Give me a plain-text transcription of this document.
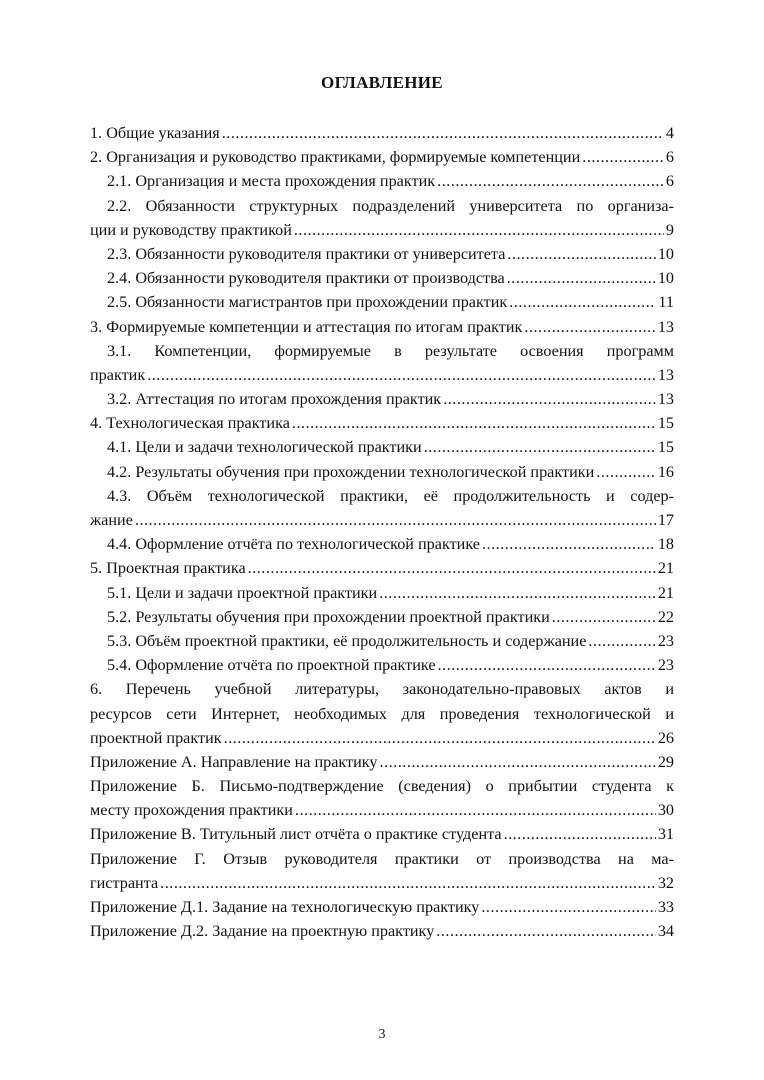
ОГЛАВЛЕНИЕ
1. Общие указания .....	4
2. Организация и руководство практиками, формируемые компетенции .....	6
2.1. Организация и места прохождения практик .....	6
2.2. Обязанности структурных подразделений университета по организа-
ции и руководству практикой .....	9
2.3. Обязанности руководителя практики от университета .....	10
2.4. Обязанности руководителя практики от производства .....	10
2.5. Обязанности магистрантов при прохождении практик .....	11
3. Формируемые компетенции и аттестация по итогам практик .....	13
3.1. Компетенции, формируемые в результате освоения программ
практик .....	13
3.2. Аттестация по итогам прохождения практик .....	13
4. Технологическая практика .....	15
4.1. Цели и задачи технологической практики .....	15
4.2. Результаты обучения при прохождении технологической практики .....	16
4.3. Объём технологической практики, её продолжительность и содер-
жание .....	17
4.4. Оформление отчёта по технологической практике .....	18
5. Проектная практика .....	21
5.1. Цели и задачи проектной практики .....	21
5.2. Результаты обучения при прохождении проектной практики .....	22
5.3. Объём проектной практики, её продолжительность и содержание .....	23
5.4. Оформление отчёта по проектной практике .....	23
6. Перечень учебной литературы, законодательно-правовых актов и
ресурсов сети Интернет, необходимых для проведения технологической и
проектной практик .....	26
Приложение А. Направление на практику .....	29
Приложение Б. Письмо-подтверждение (сведения) о прибытии студента к
месту прохождения практики .....	30
Приложение В. Титульный лист отчёта о практике студента .....	31
Приложение Г. Отзыв руководителя практики от производства на ма-
гистранта .....	32
Приложение Д.1. Задание на технологическую практику .....	33
Приложение Д.2. Задание на проектную практику .....	34
3
